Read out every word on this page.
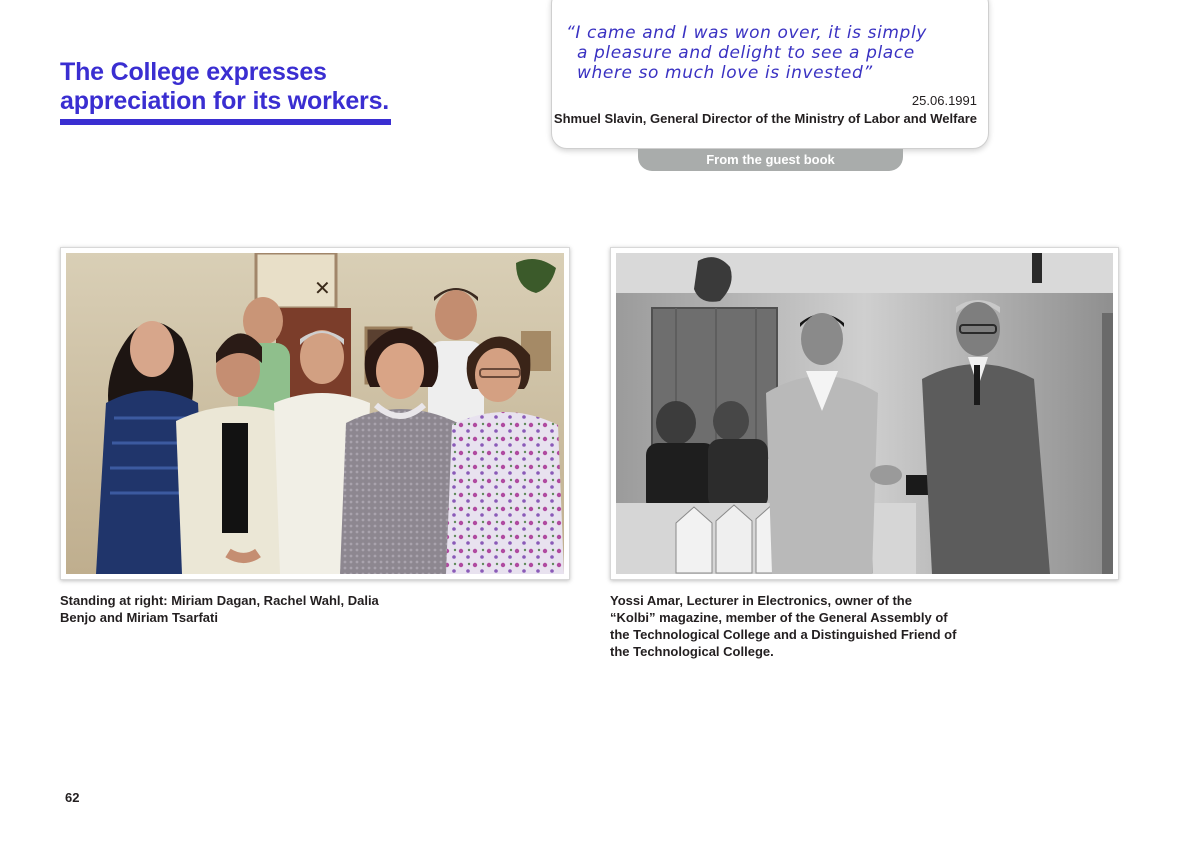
The College expresses
appreciation for its workers.

“I came and I was won over, it is simply
a pleasure and delight to see a place
where so much love is invested”

25.06.1991
Shmuel Slavin, General Director of the Ministry of Labor and Welfare
From the guest book
✕

Standing at right: Miriam Dagan, Rachel Wahl, Dalia
Benjo and Miriam Tsarfati

Yossi Amar, Lecturer in Electronics, owner of the
“Kolbi” magazine, member of the General Assembly of
the Technological College and a Distinguished Friend of
the Technological College.

62
